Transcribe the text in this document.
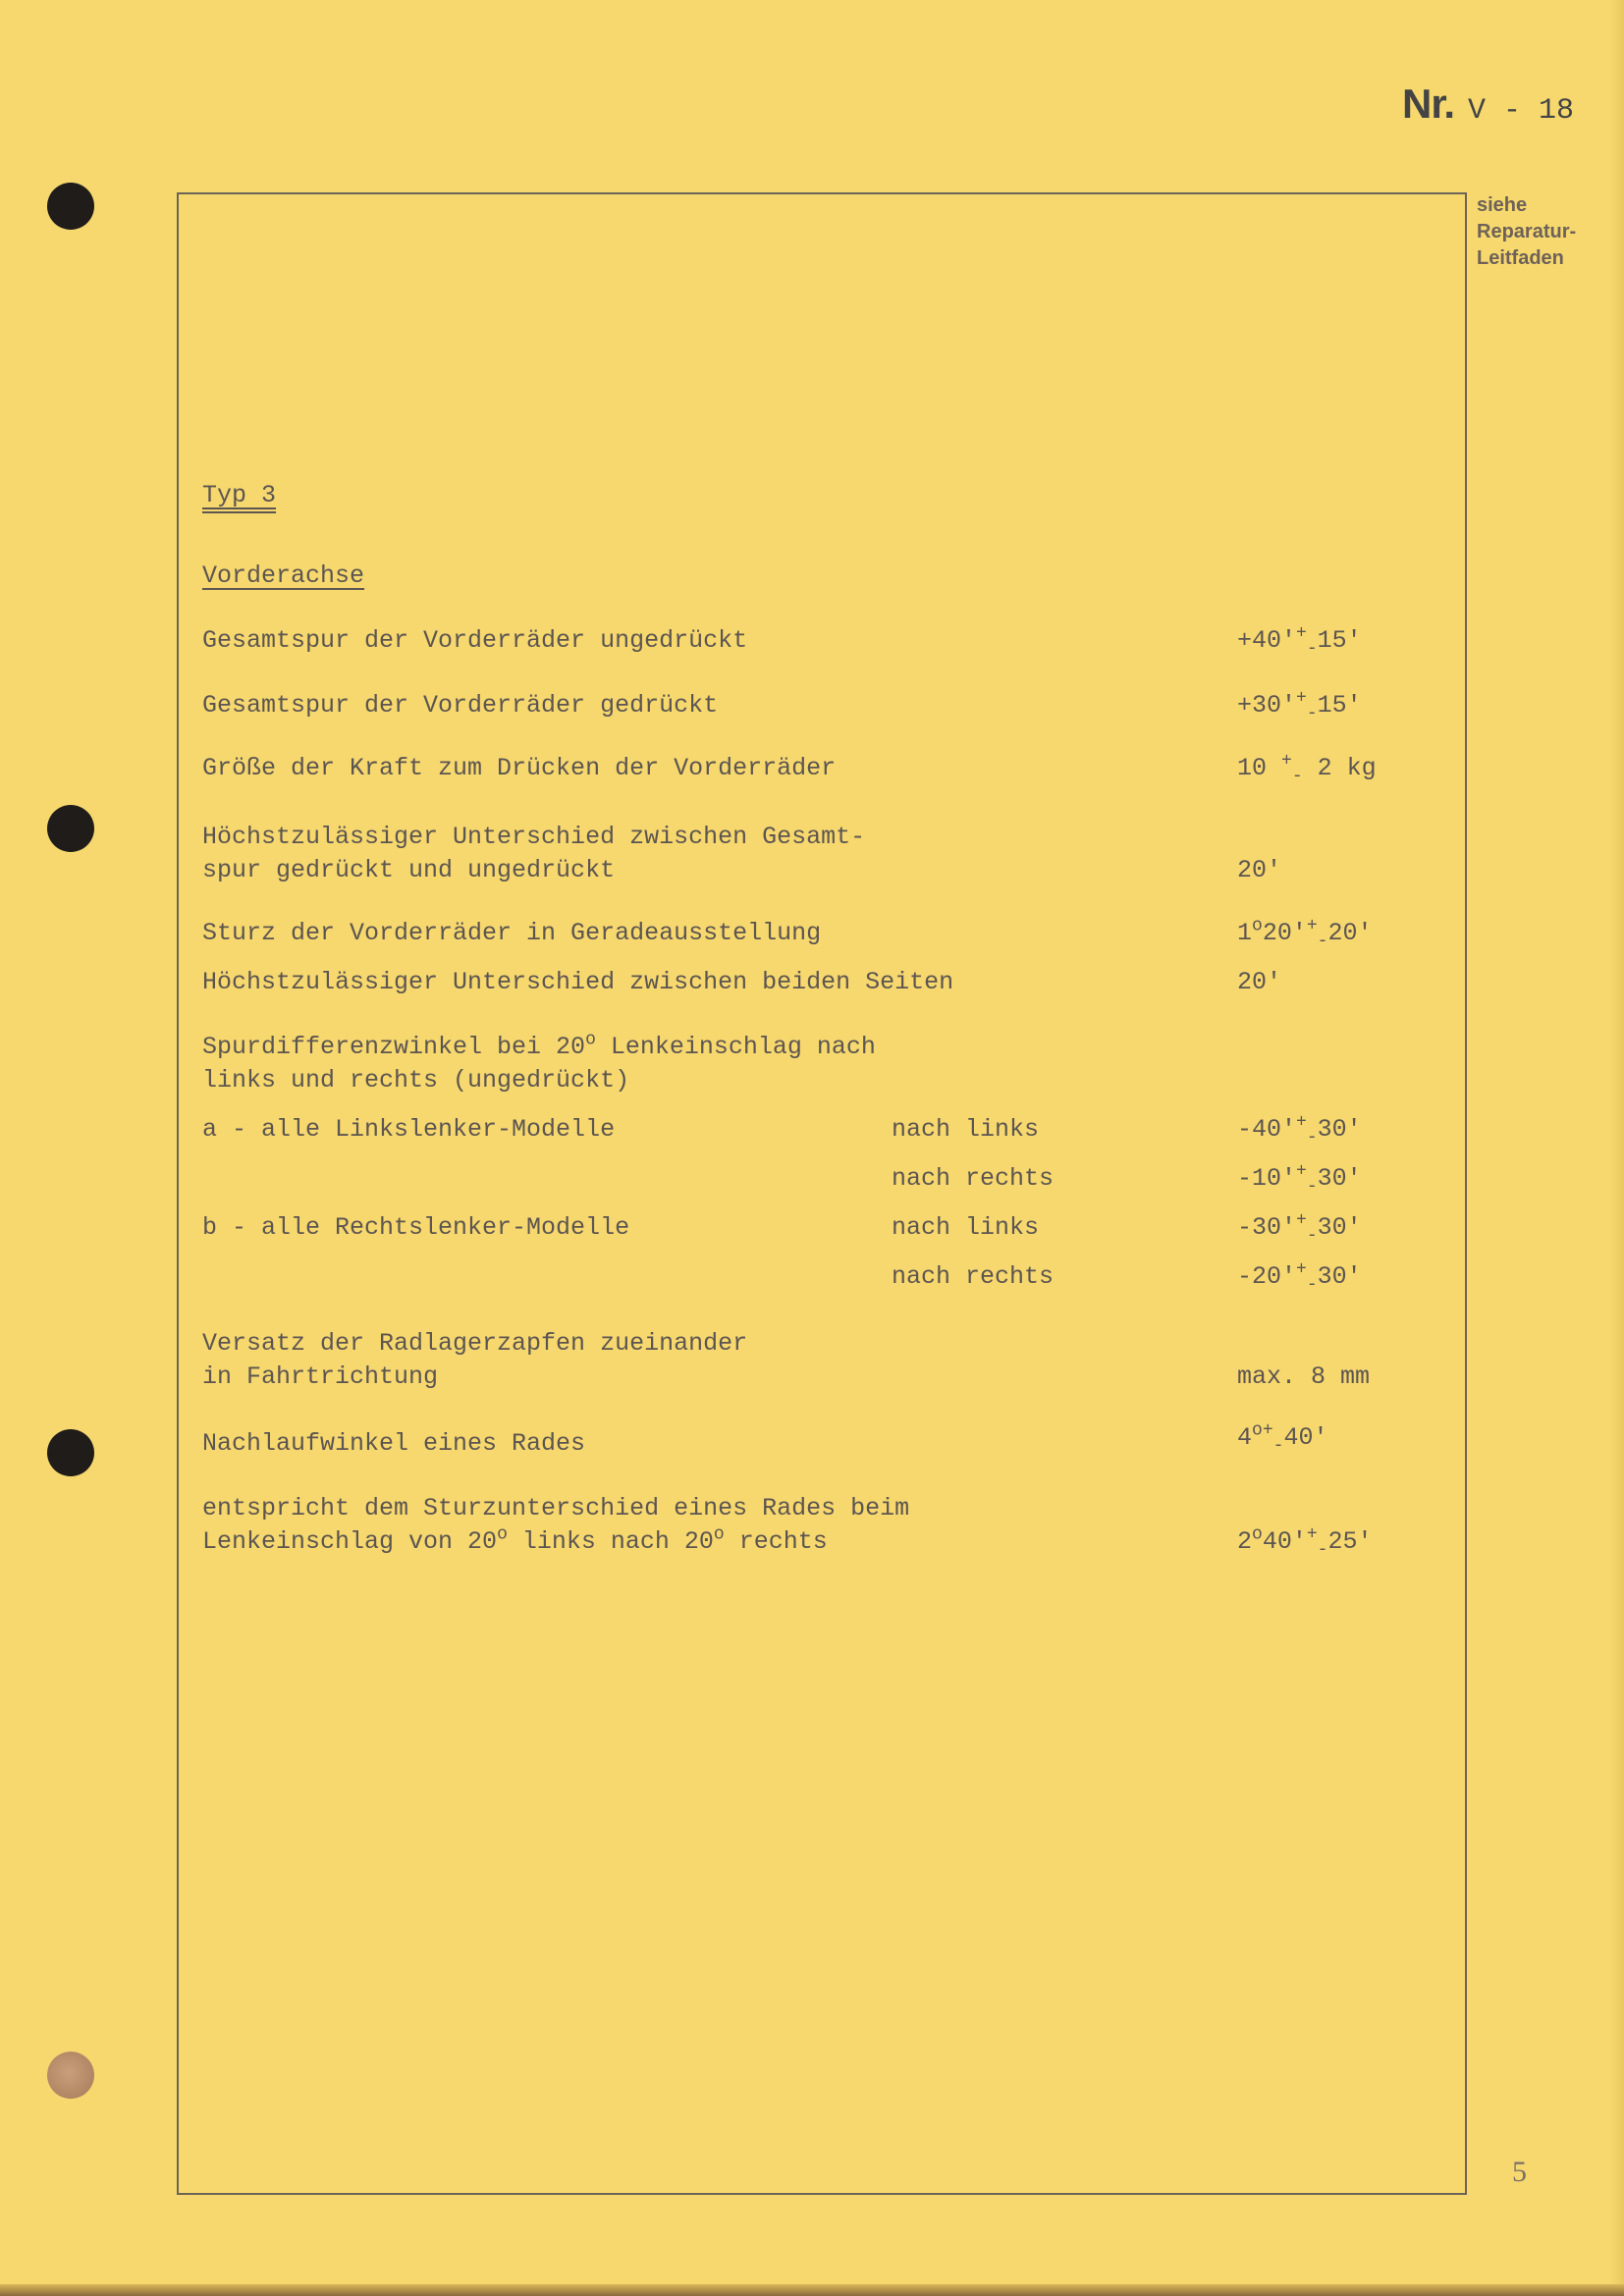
Nr. V - 18
siehe
Reparatur-
Leitfaden
Typ 3
Vorderachse
Gesamtspur der Vorderräder ungedrückt	$+40'^+_-15'$
Gesamtspur der Vorderräder gedrückt	$+30'^+_-15'$
Größe der Kraft zum Drücken der Vorderräder	10 +$_-$ 2 kg
Höchstzulässiger Unterschied zwischen Gesamt-
spur gedrückt und ungedrückt	20'
Sturz der Vorderräder in Geradeausstellung	$1^o20'^+_-20'$
Höchstzulässiger Unterschied zwischen beiden Seiten	20'
Spurdifferenzwinkel bei 20$^o$ Lenkeinschlag nach
links und rechts (ungedrückt)
a - alle Linkslenker-Modelle	nach links	$-40'^+_-30'$
nach rechts	$-10'^+_-30'$
b - alle Rechtslenker-Modelle	nach links	$-30'^+_-30'$
nach rechts	$-20'^+_-30'$
Versatz der Radlagerzapfen zueinander
in Fahrtrichtung	max. 8 mm
Nachlaufwinkel eines Rades	$4^{o+}_-40'$
entspricht dem Sturzunterschied eines Rades beim
Lenkeinschlag von 20$^o$ links nach 20$^o$ rechts	$2^o40'^+_-25'$
5
